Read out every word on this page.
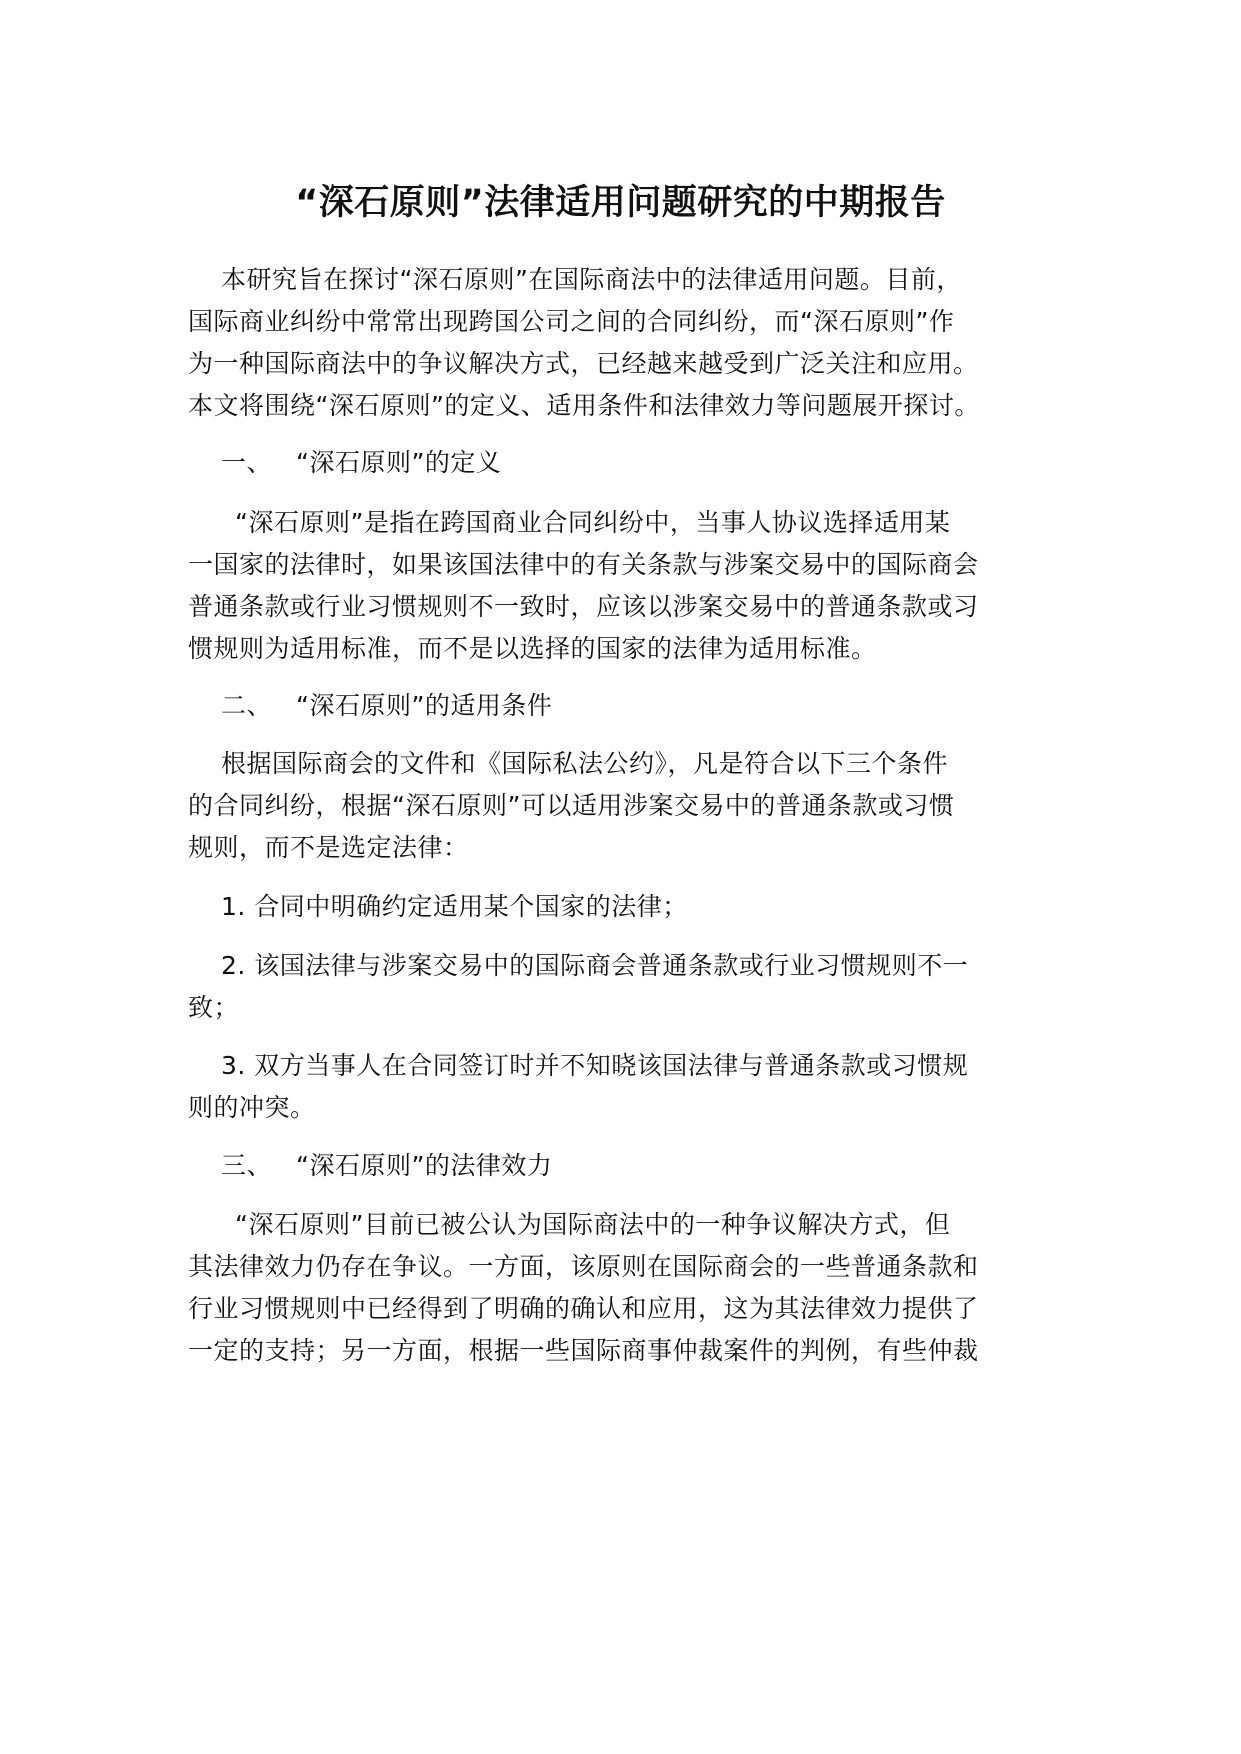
“深石原则”法律适用问题研究的中期报告
本研究旨在探讨“深石原则”在国际商法中的法律适用问题。目前，
国际商业纠纷中常常出现跨国公司之间的合同纠纷，而“深石原则”作
为一种国际商法中的争议解决方式，已经越来越受到广泛关注和应用。
本文将围绕“深石原则”的定义、适用条件和法律效力等问题展开探讨。
一、 “深石原则”的定义
“深石原则”是指在跨国商业合同纠纷中，当事人协议选择适用某
一国家的法律时，如果该国法律中的有关条款与涉案交易中的国际商会
普通条款或行业习惯规则不一致时，应该以涉案交易中的普通条款或习
惯规则为适用标准，而不是以选择的国家的法律为适用标准。
二、 “深石原则”的适用条件
根据国际商会的文件和《国际私法公约》，凡是符合以下三个条件
的合同纠纷，根据“深石原则”可以适用涉案交易中的普通条款或习惯
规则，而不是选定法律：
1. 合同中明确约定适用某个国家的法律；
2. 该国法律与涉案交易中的国际商会普通条款或行业习惯规则不一
致；
3. 双方当事人在合同签订时并不知晓该国法律与普通条款或习惯规
则的冲突。
三、 “深石原则”的法律效力
“深石原则”目前已被公认为国际商法中的一种争议解决方式，但
其法律效力仍存在争议。一方面，该原则在国际商会的一些普通条款和
行业习惯规则中已经得到了明确的确认和应用，这为其法律效力提供了
一定的支持；另一方面，根据一些国际商事仲裁案件的判例，有些仲裁
